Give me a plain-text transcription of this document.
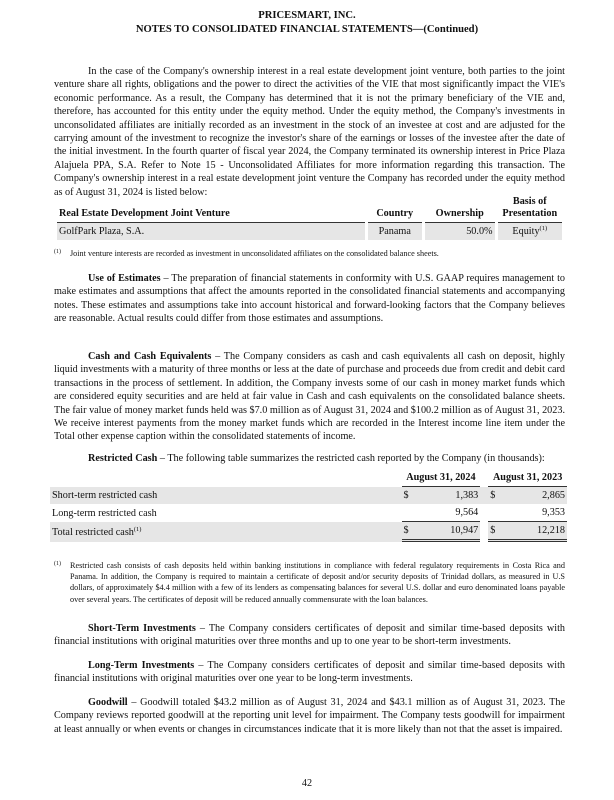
PRICESMART, INC.
NOTES TO CONSOLIDATED FINANCIAL STATEMENTS—(Continued)

In the case of the Company's ownership interest in a real estate development joint venture, both parties to the joint venture share all rights, obligations and the power to direct the activities of the VIE that most significantly impact the VIE's economic performance. As a result, the Company has determined that it is not the primary beneficiary of the VIE and, therefore, has accounted for this entity under the equity method. Under the equity method, the Company's investments in unconsolidated affiliates are initially recorded as an investment in the stock of an investee at cost and are adjusted for the carrying amount of the investment to recognize the investor's share of the earnings or losses of the investee after the date of the initial investment. In the fourth quarter of fiscal year 2024, the Company terminated its ownership interest in Price Plaza Alajuela PPA, S.A. Refer to Note 15 - Unconsolidated Affiliates for more information regarding this transaction. The Company's ownership interest in a real estate development joint venture the Company has recorded under the equity method as of August 31, 2024 is listed below:

Real Estate Development Joint Venture	Country	Ownership	Basis of Presentation
GolfPark Plaza, S.A.	Panama	50.0%	Equity$^{(1)}$
(1)	Joint venture interests are recorded as investment in unconsolidated affiliates on the consolidated balance sheets.

Use of Estimates – The preparation of financial statements in conformity with U.S. GAAP requires management to make estimates and assumptions that affect the amounts reported in the consolidated financial statements and accompanying notes. These estimates and assumptions take into account historical and forward-looking factors that the Company believes are reasonable. Actual results could differ from those estimates and assumptions.

Cash and Cash Equivalents – The Company considers as cash and cash equivalents all cash on deposit, highly liquid investments with a maturity of three months or less at the date of purchase and proceeds due from credit and debit card transactions in the process of settlement. In addition, the Company invests some of our cash in money market funds which are considered equity securities and are held at fair value in Cash and cash equivalents on the consolidated balance sheets. The fair value of money market funds held was $7.0 million as of August 31, 2024 and $100.2 million as of August 31, 2023. We receive interest payments from the money market funds which are recorded in the Interest income line item under the Total other expense caption within the consolidated statements of income.

Restricted Cash – The following table summarizes the restricted cash reported by the Company (in thousands):

	August 31, 2024			August 31, 2023	
Short-term restricted cash	$	1,383		$	2,865
Long-term restricted cash		9,564			9,353
Total restricted cash$^{(1)}$	$	10,947		$	12,218
(1)	Restricted cash consists of cash deposits held within banking institutions in compliance with federal regulatory requirements in Costa Rica and Panama. In addition, the Company is required to maintain a certificate of deposit and/or security deposits of Trinidad dollars, as measured in U.S dollars, of approximately $4.4 million with a few of its lenders as compensating balances for several U.S. dollar and euro denominated loans payable over several years. The certificates of deposit will be reduced annually commensurate with the loan balances.

Short-Term Investments – The Company considers certificates of deposit and similar time-based deposits with financial institutions with original maturities over three months and up to one year to be short-term investments.

Long-Term Investments – The Company considers certificates of deposit and similar time-based deposits with financial institutions with original maturities over one year to be long-term investments.

Goodwill – Goodwill totaled $43.2 million as of August 31, 2024 and $43.1 million as of August 31, 2023. The Company reviews reported goodwill at the reporting unit level for impairment. The Company tests goodwill for impairment at least annually or when events or changes in circumstances indicate that it is more likely than not that the asset is impaired.

42
